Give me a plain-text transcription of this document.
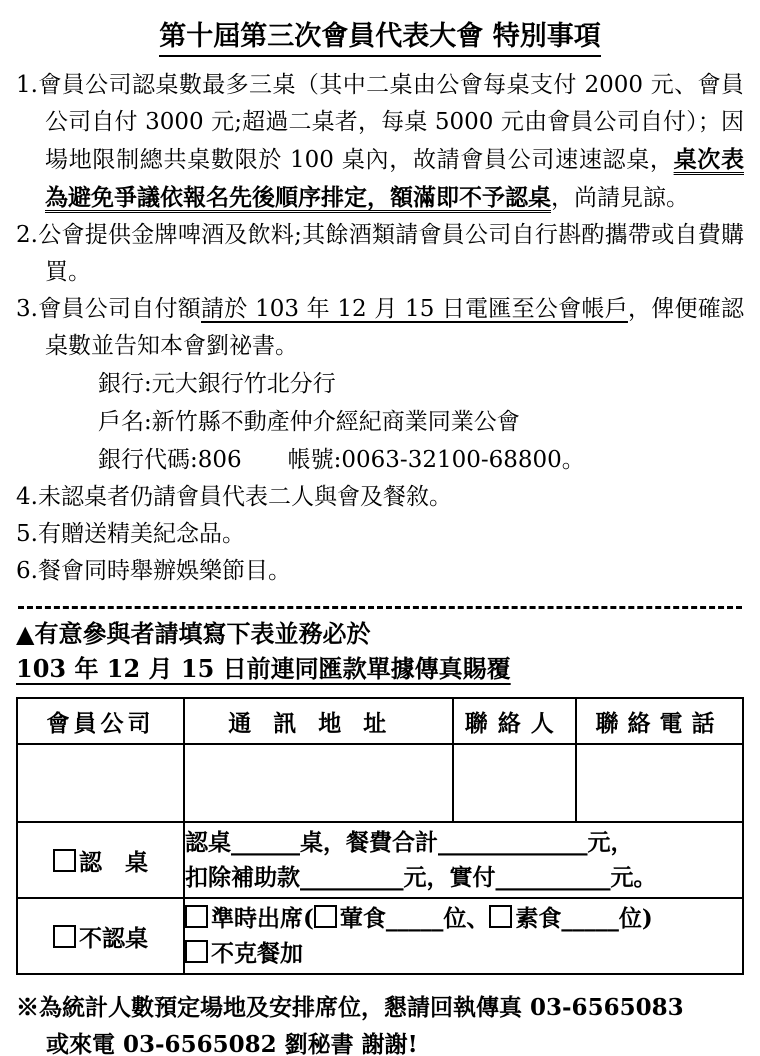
第十屆第三次會員代表大會 特別事項

1.會員公司認桌數最多三桌（其中二桌由公會每桌支付 2000 元、會員公司自付 3000 元;超過二桌者，每桌 5000 元由會員公司自付）；因場地限制總共桌數限於 100 桌內，故請會員公司速速認桌，桌次表為避免爭議依報名先後順序排定，額滿即不予認桌，尚請見諒。

2.公會提供金牌啤酒及飲料;其餘酒類請會員公司自行斟酌攜帶或自費購買。

3.會員公司自付額請於 103 年 12 月 15 日電匯至公會帳戶，俾便確認桌數並告知本會劉祕書。

銀行:元大銀行竹北分行
戶名:新竹縣不動產仲介經紀商業同業公會
銀行代碼:806　　帳號:0063-32100-68800。

4.未認桌者仍請會員代表二人與會及餐敘。

5.有贈送精美紀念品。

6.餐會同時舉辦娛樂節目。

▲有意參與者請填寫下表並務必於
103 年 12 月 15 日前連同匯款單據傳真賜覆
會員公司	通訊地址	聯絡人	聯絡電話

認　桌	認桌______桌，餐費合計_____________元，
扣除補助款_________元，實付__________元。		

不認桌	準時出席( 葷食_____位、 素食_____位)
不克餐加		
※為統計人數預定場地及安排席位，懇請回執傳真 03-6565083
或來電 03-6565082 劉秘書 謝謝!
